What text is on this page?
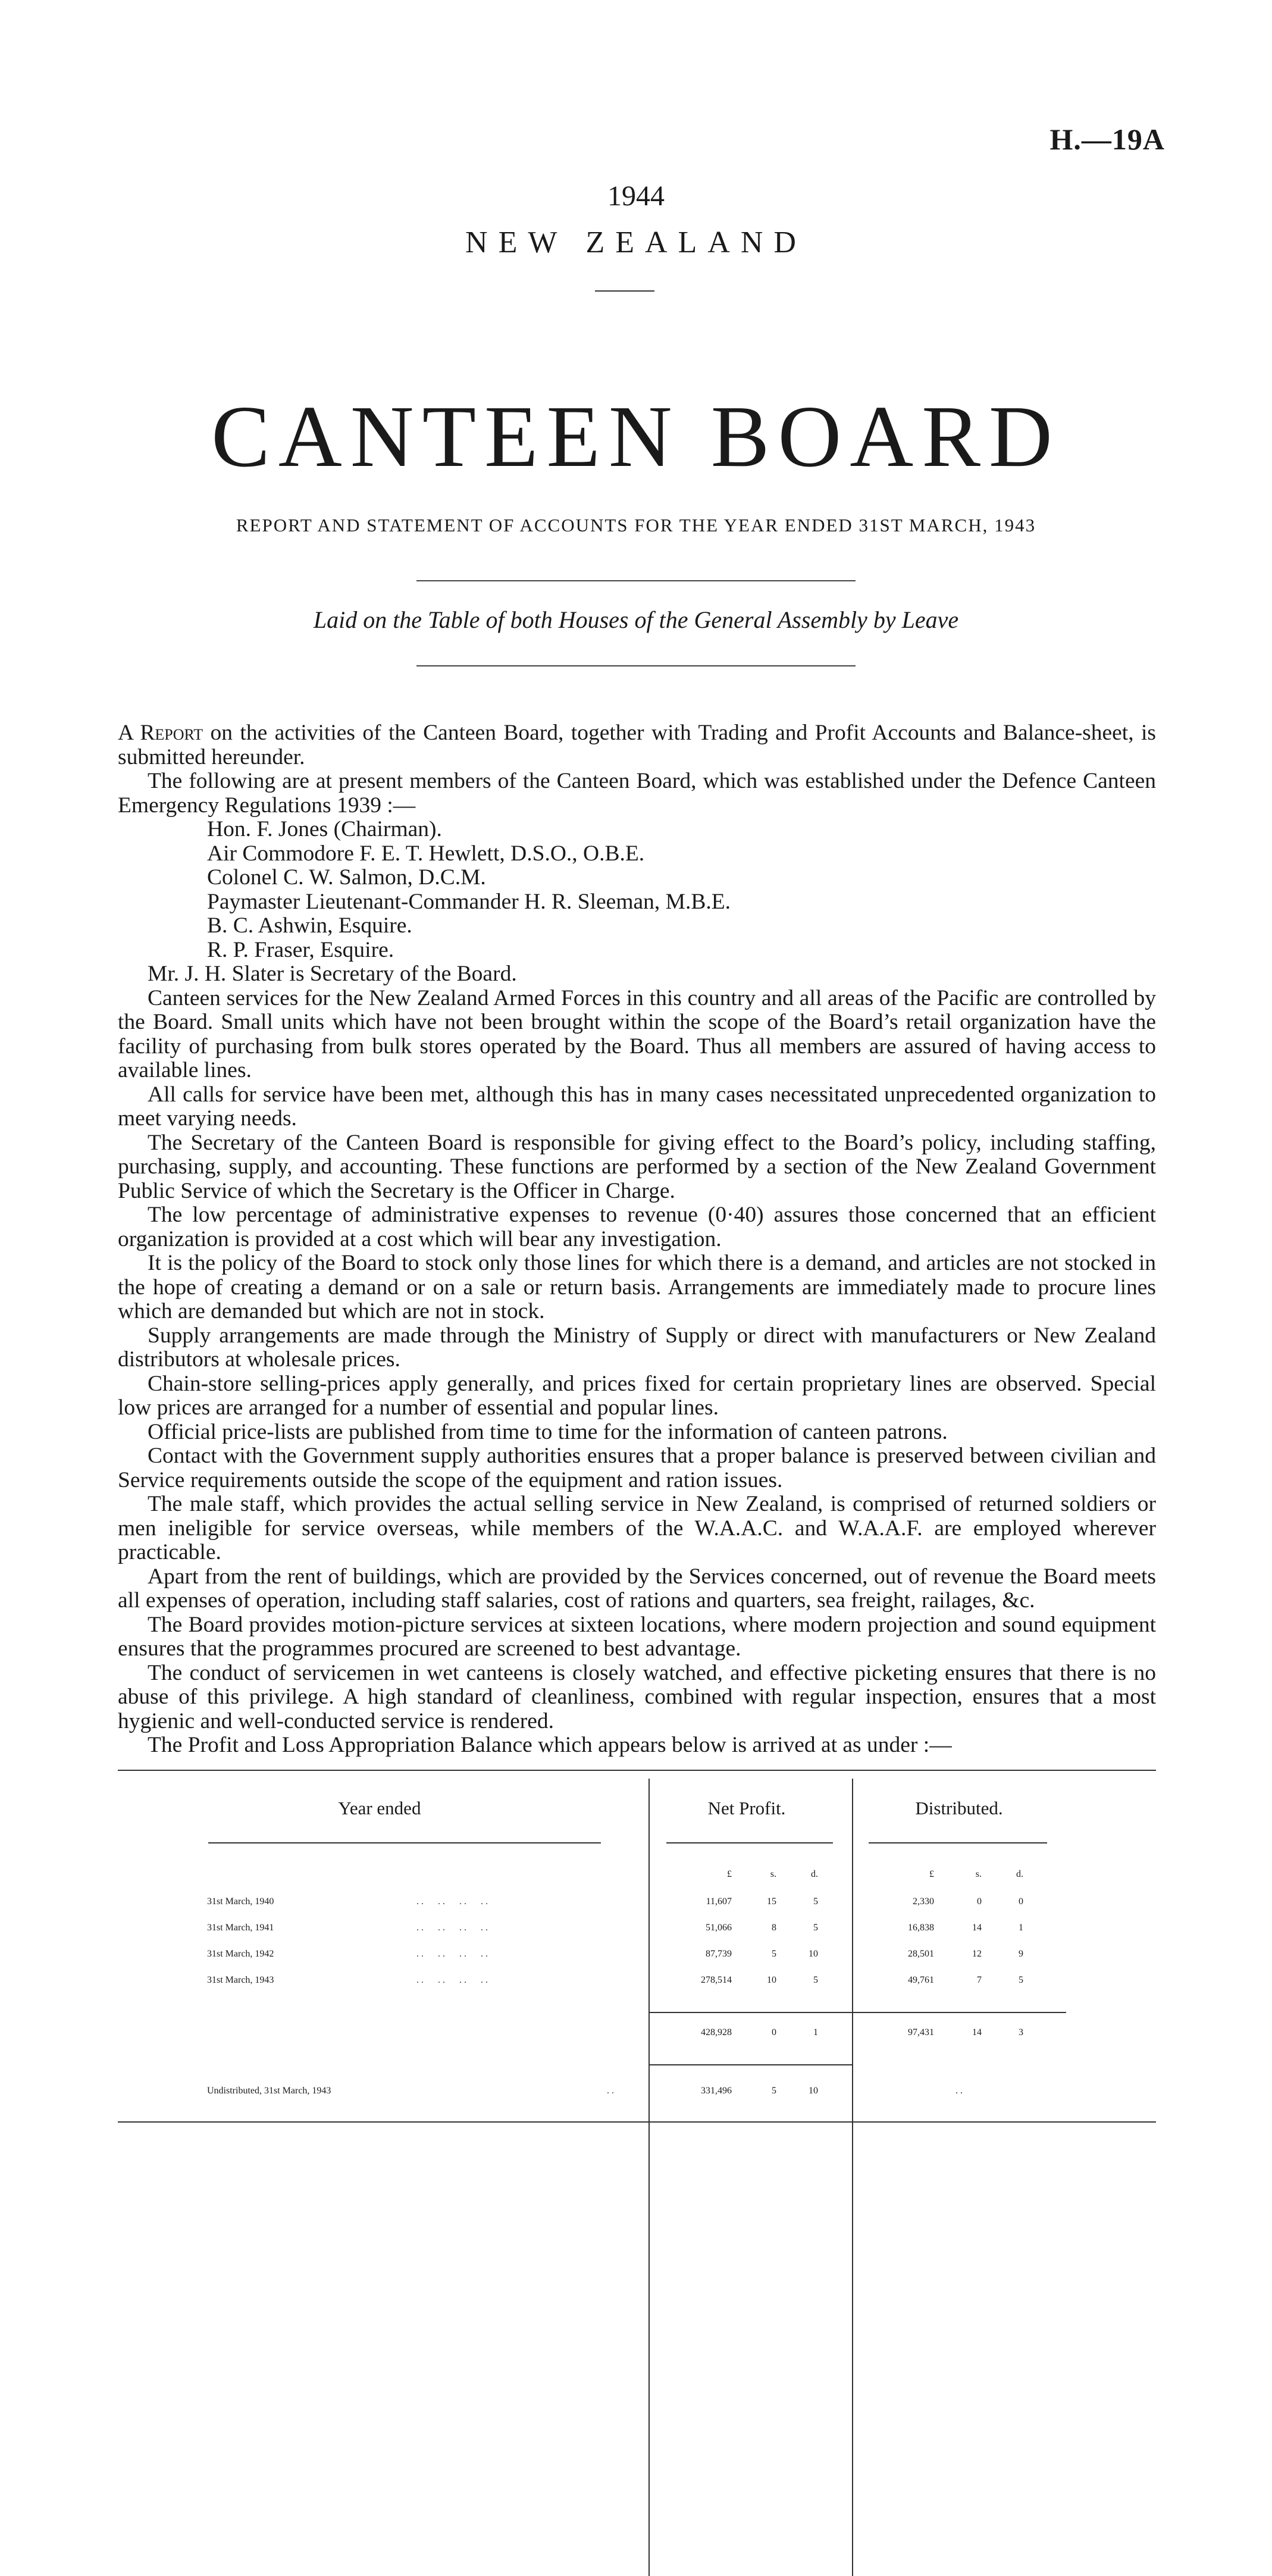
H.—19A
1944
NEW ZEALAND
CANTEEN BOARD
REPORT AND STATEMENT OF ACCOUNTS FOR THE YEAR ENDED 31ST MARCH, 1943
Laid on the Table of both Houses of the General Assembly by Leave

A Report on the activities of the Canteen Board, together with Trading and Profit Accounts and Balance-sheet, is submitted hereunder.

The following are at present members of the Canteen Board, which was established under the Defence Canteen Emergency Regulations 1939 :—

Hon. F. Jones (Chairman).
Air Commodore F. E. T. Hewlett, D.S.O., O.B.E.
Colonel C. W. Salmon, D.C.M.
Paymaster Lieutenant-Commander H. R. Sleeman, M.B.E.
B. C. Ashwin, Esquire.
R. P. Fraser, Esquire.

Mr. J. H. Slater is Secretary of the Board.

Canteen services for the New Zealand Armed Forces in this country and all areas of the Pacific are controlled by the Board. Small units which have not been brought within the scope of the Board’s retail organization have the facility of purchasing from bulk stores operated by the Board. Thus all members are assured of having access to available lines.

All calls for service have been met, although this has in many cases necessitated unprecedented organization to meet varying needs.

The Secretary of the Canteen Board is responsible for giving effect to the Board’s policy, including staffing, purchasing, supply, and accounting. These functions are performed by a section of the New Zealand Government Public Service of which the Secretary is the Officer in Charge.

The low percentage of administrative expenses to revenue (0·40) assures those concerned that an efficient organization is provided at a cost which will bear any investigation.

It is the policy of the Board to stock only those lines for which there is a demand, and articles are not stocked in the hope of creating a demand or on a sale or return basis. Arrangements are immediately made to procure lines which are demanded but which are not in stock.

Supply arrangements are made through the Ministry of Supply or direct with manufacturers or New Zealand distributors at wholesale prices.

Chain-store selling-prices apply generally, and prices fixed for certain proprietary lines are observed. Special low prices are arranged for a number of essential and popular lines.

Official price-lists are published from time to time for the information of canteen patrons.

Contact with the Government supply authorities ensures that a proper balance is preserved between civilian and Service requirements outside the scope of the equipment and ration issues.

The male staff, which provides the actual selling service in New Zealand, is comprised of returned soldiers or men ineligible for service overseas, while members of the W.A.A.C. and W.A.A.F. are employed wherever practicable.

Apart from the rent of buildings, which are provided by the Services concerned, out of revenue the Board meets all expenses of operation, including staff salaries, cost of rations and quarters, sea freight, railages, &c.

The Board provides motion-picture services at sixteen locations, where modern projection and sound equipment ensures that the programmes procured are screened to best advantage.

The conduct of servicemen in wet canteens is closely watched, and effective picketing ensures that there is no abuse of this privilege. A high standard of cleanliness, combined with regular inspection, ensures that a most hygienic and well-conducted service is rendered.

The Profit and Loss Appropriation Balance which appears below is arrived at as under :—

Year ended	Net Profit.	Distributed.
£	s.	d.	£	s.	d.
31st March, 1940	. .      . .      . .      . .	11,607	15	5	2,330	0	0
31st March, 1941	. .      . .      . .      . .	51,066	8	5	16,838	14	1
31st March, 1942	. .      . .      . .      . .	87,739	5	10	28,501	12	9
31st March, 1943	. .      . .      . .      . .	278,514	10	5	49,761	7	5
428,928	0	1	97,431	14	3
Undistributed, 31st March, 1943	. .	331,496	5	10	. .
